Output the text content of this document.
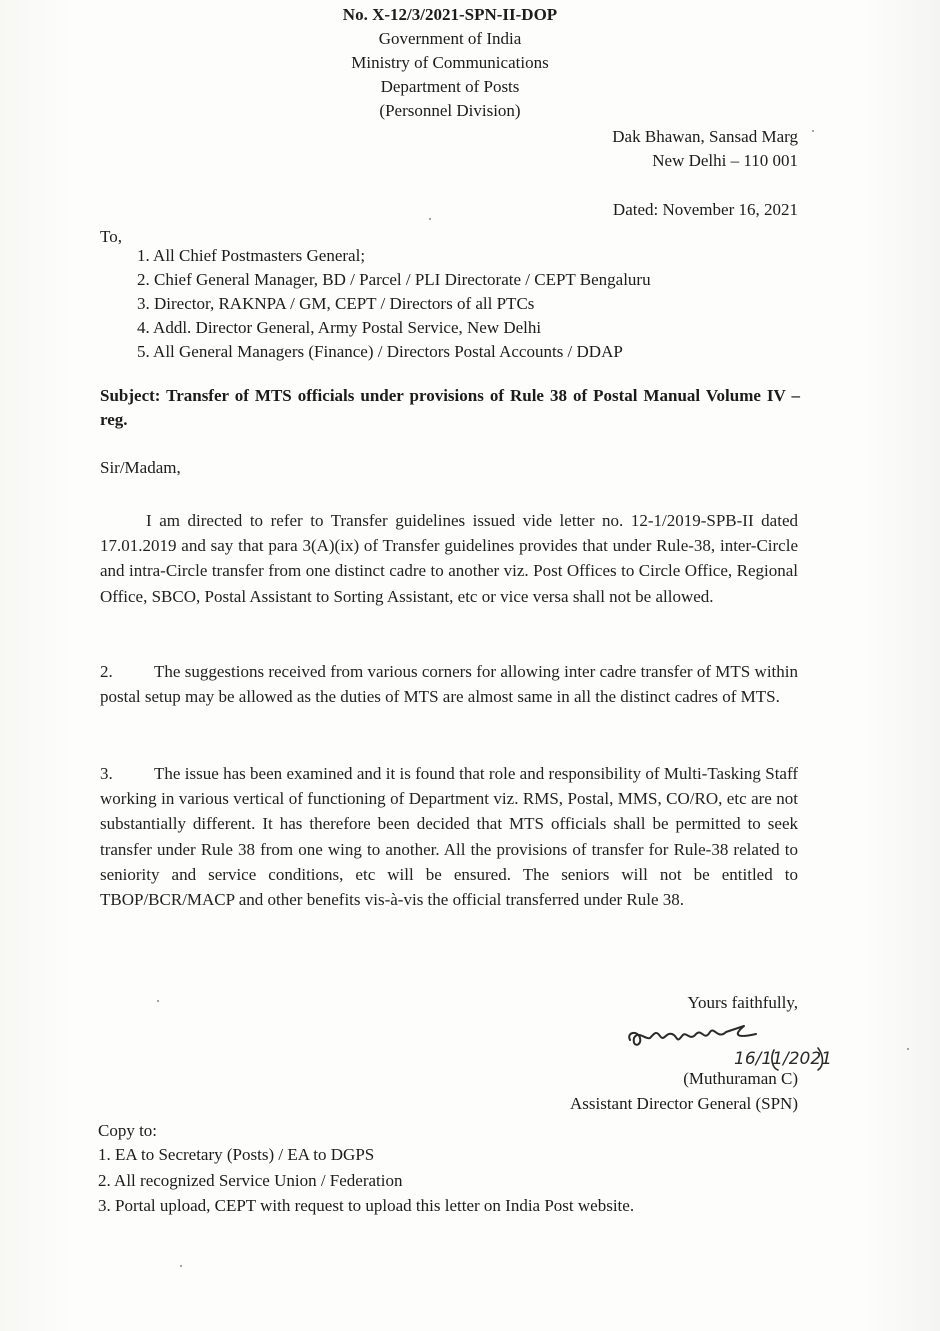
No. X-12/3/2021-SPN-II-DOP
Government of India
Ministry of Communications
Department of Posts
(Personnel Division)
Dak Bhawan, Sansad Marg
New Delhi – 110 001
Dated: November 16, 2021
To,
1. All Chief Postmasters General;
2. Chief General Manager, BD / Parcel / PLI Directorate / CEPT Bengaluru
3. Director, RAKNPA / GM, CEPT / Directors of all PTCs
4. Addl. Director General, Army Postal Service, New Delhi
5. All General Managers (Finance) / Directors Postal Accounts / DDAP
Subject: Transfer of MTS officials under provisions of Rule 38 of Postal Manual Volume IV – reg.
Sir/Madam,
I am directed to refer to Transfer guidelines issued vide letter no. 12-1/2019-SPB-II dated 17.01.2019 and say that para 3(A)(ix) of Transfer guidelines provides that under Rule-38, inter-Circle and intra-Circle transfer from one distinct cadre to another viz. Post Offices to Circle Office, Regional Office, SBCO, Postal Assistant to Sorting Assistant, etc or vice versa shall not be allowed.
2. The suggestions received from various corners for allowing inter cadre transfer of MTS within postal setup may be allowed as the duties of MTS are almost same in all the distinct cadres of MTS.
3. The issue has been examined and it is found that role and responsibility of Multi-Tasking Staff working in various vertical of functioning of Department viz. RMS, Postal, MMS, CO/RO, etc are not substantially different. It has therefore been decided that MTS officials shall be permitted to seek transfer under Rule 38 from one wing to another. All the provisions of transfer for Rule-38 related to seniority and service conditions, etc will be ensured. The seniors will not be entitled to TBOP/BCR/MACP and other benefits vis-à-vis the official transferred under Rule 38.
Yours faithfully,
16/11/2021
(Muthuraman C)
Assistant Director General (SPN)
Copy to:
1. EA to Secretary (Posts) / EA to DGPS
2. All recognized Service Union / Federation
3. Portal upload, CEPT with request to upload this letter on India Post website.
